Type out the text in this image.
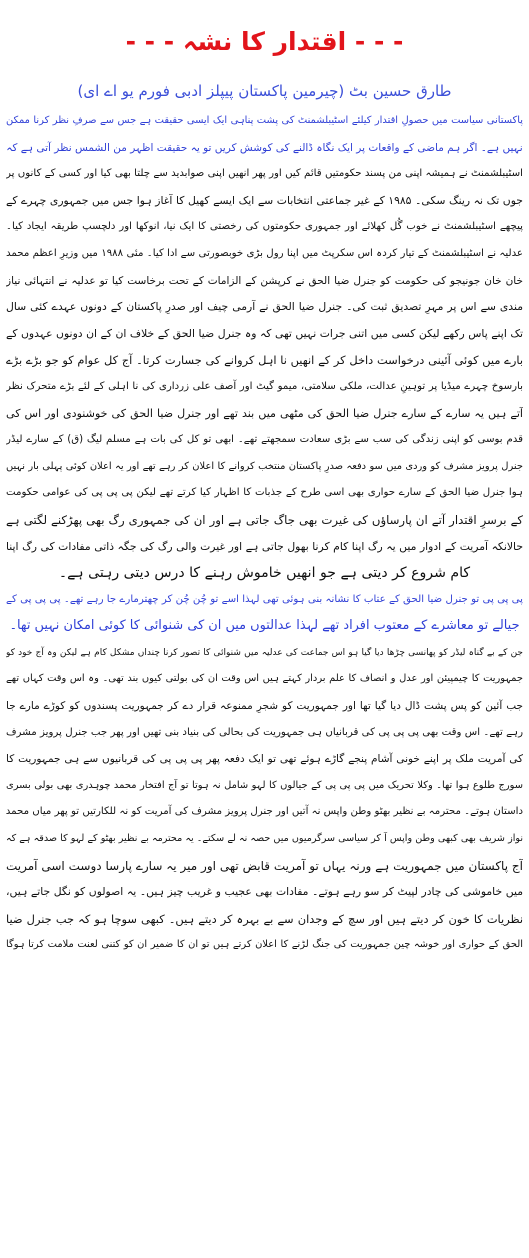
- - - اقتدار کا نشہ - - -
طارق حسین بٹ (چیرمین پاکستان پیپلز ادبی فورم یو اے ای)
پاکستانی سیاست میں حصولِ اقتدار کیلئے اسٹیبلشمنٹ کی پشت پناہی ایک ایسی حقیقت ہے جس سے صرفِ نظر کرنا ممکن
نہیں ہے۔ اگر ہم ماضی کے واقعات پر ایک نگاہ ڈالنے کی کوشش کریں تو یہ حقیقت اظہر من الشمس نظر آتی ہے کہ
اسٹیبلشمنٹ نے ہمیشہ اپنی من پسند حکومتیں قائم کیں اور پھر انھیں اپنی صوابدید سے چلتا بھی کیا اور کسی کے کانوں پر
جوں تک نہ رینگ سکی۔ ۱۹۸۵ کے غیر جماعتی انتخابات سے ایک ایسے کھیل کا آغاز ہوا جس میں جمہوری چہرے کے
پیچھے اسٹیبلشمنٹ نے خوب گُل کھلائے اور جمہوری حکومتوں کی رخصتی کا ایک نیا، انوکھا اور دلچسپ طریقہ ایجاد کیا۔
عدلیہ نے اسٹیبلشمنٹ کے تیار کردہ اس سکرپٹ میں اپنا رول بڑی خوبصورتی سے ادا کیا۔ مئی ۱۹۸۸ میں وزیرِ اعظم محمد
خان خان جونیجو کی حکومت کو جنرل ضیا الحق نے کرپشن کے الزامات کے تحت برخاست کیا تو عدلیہ نے انتہائی نیاز
مندی سے اس پر مہرِ تصدیق ثبت کی۔ جنرل ضیا الحق نے آرمی چیف اور صدرِ پاکستان کے دونوں عہدے کئی سال
تک اپنے پاس رکھے لیکن کسی میں اتنی جرات نہیں تھی کہ وہ جنرل ضیا الحق کے خلاف ان کے ان دونوں عہدوں کے
بارے میں کوئی آئینی درخواست داخل کر کے انھیں نا اہل کروانے کی جسارت کرتا۔ آج کل عوام کو جو بڑے بڑے
بارسوخ چہرے میڈیا پر توہینِ عدالت، ملکی سلامتی، میمو گیٹ اور آصف علی زرداری کی نا اہلی کے لئے بڑے متحرک نظر
آتے ہیں یہ سارے کے سارے جنرل ضیا الحق کی مٹھی میں بند تھے اور جنرل ضیا الحق کی خوشنودی اور اس کی
قدم بوسی کو اپنی زندگی کی سب سے بڑی سعادت سمجھتے تھے۔ ابھی تو کل کی بات ہے مسلم لیگ (ق) کے سارے لیڈر
جنرل پرویز مشرف کو وردی میں سو دفعہ صدرِ پاکستان منتخب کروانے کا اعلان کر رہے تھے اور یہ اعلان کوئی پہلی بار نہیں
ہوا جنرل ضیا الحق کے سارے حواری بھی اسی طرح کے جذبات کا اظہار کیا کرتے تھے لیکن پی پی پی کی عوامی حکومت
کے برسرِ اقتدار آتے ان پارساؤں کی غیرت بھی جاگ جاتی ہے اور ان کی جمہوری رگ بھی پھڑکنے لگتی ہے
حالانکہ آمریت کے ادوار میں یہ رگ اپنا کام کرنا بھول جاتی ہے اور غیرت والی رگ کی جگہ ذاتی مفادات کی رگ اپنا
کام شروع کر دیتی ہے جو انھیں خاموش رہنے کا درس دیتی رہتی ہے۔
پی پی پی تو جنرل ضیا الحق کے عتاب کا نشانہ بنی ہوئی تھی لہذا اسے تو چُن چُن کر چھترمارے جا رہے تھے۔ پی پی پی کے
جیالے تو معاشرے کے معتوب افراد تھے لہذا عدالتوں میں ان کی شنوائی کا کوئی امکان نہیں تھا۔
جن کے بے گناہ لیڈر کو پھانسی چڑھا دیا گیا ہو اس جماعت کی عدلیہ میں شنوائی کا تصور کرنا چنداں مشکل کام ہے لیکن وہ آج خود کو
جمہوریت کا چیمپیئن اور عدل و انصاف کا علم بردار کہتے ہیں اس وقت ان کی بولتی کیوں بند تھی۔ وہ اس وقت کہاں تھے
جب آئین کو پس پشت ڈال دیا گیا تھا اور جمہوریت کو شجرِ ممنوعہ قرار دے کر جمہوریت پسندوں کو کوڑے مارے جا
رہے تھے۔ اس وقت بھی پی پی پی کی قربانیاں ہی جمہوریت کی بحالی کی بنیاد بنی تھیں اور پھر جب جنرل پرویز مشرف
کی آمریت ملک پر اپنے خونی آشام پنجے گاڑے ہوئے تھی تو ایک دفعہ پھر پی پی پی کی قربانیوں سے ہی جمہوریت کا
سورج طلوع ہوا تھا۔ وکلا تحریک میں پی پی پی کے جیالوں کا لہو شامل نہ ہوتا تو آج افتخار محمد چوہدری بھی بولی بسری
داستان ہوتے۔ محترمہ بے نظیر بھٹو وطن واپس نہ آتیں اور جنرل پرویز مشرف کی آمریت کو نہ للکارتیں تو پھر میاں محمد
نواز شریف بھی کبھی وطن واپس آ کر سیاسی سرگرمیوں میں حصہ نہ لے سکتے۔ یہ محترمہ بے نظیر بھٹو کے لہو کا صدقہ ہے کہ
آج پاکستان میں جمہوریت ہے ورنہ یہاں تو آمریت قابض تھی اور میر یہ سارے پارسا دوست اسی آمریت
میں خاموشی کی چادر لپیٹ کر سو رہے ہوتے۔ مفادات بھی عجیب و غریب چیز ہیں۔ یہ اصولوں کو نگل جاتے ہیں،
نظریات کا خون کر دیتے ہیں اور سچ کے وجدان سے بے بہرہ کر دیتے ہیں۔ کبھی سوچا ہو کہ جب جنرل ضیا
الحق کے حواری اور خوشہ چین جمہوریت کی جنگ لڑنے کا اعلان کرتے ہیں تو ان کا ضمیر ان کو کتنی لعنت ملامت کرتا ہوگا
